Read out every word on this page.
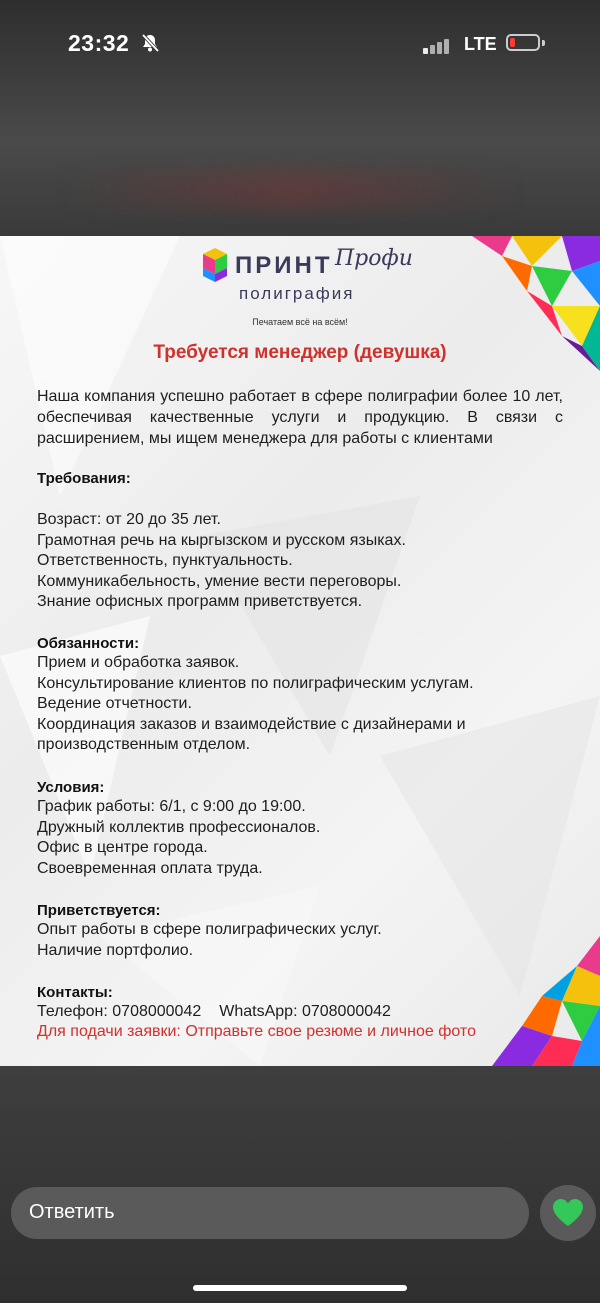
23:32	LTE
ПРИНТ Профи
полиграфия
Печатаем всё на всём!
Требуется менеджер (девушка)
Наша компания успешно работает в сфере полиграфии более 10 лет, обеспечивая качественные услуги и продукцию. В связи с расширением, мы ищем менеджера для работы с клиентами
Требования:
Возраст: от 20 до 35 лет.
Грамотная речь на кыргызском и русском языках.
Ответственность, пунктуальность.
Коммуникабельность, умение вести переговоры.
Знание офисных программ приветствуется.
Обязанности:
Прием и обработка заявок.
Консультирование клиентов по полиграфическим услугам.
Ведение отчетности.
Координация заказов и взаимодействие с дизайнерами и
производственным отделом.
Условия:
График работы: 6/1, с 9:00 до 19:00.
Дружный коллектив профессионалов.
Офис в центре города.
Своевременная оплата труда.
Приветствуется:
Опыт работы в сфере полиграфических услуг.
Наличие портфолио.
Контакты:
Телефон: 0708000042 WhatsApp: 0708000042
Для подачи заявки: Отправьте свое резюме и личное фото
Ответить
